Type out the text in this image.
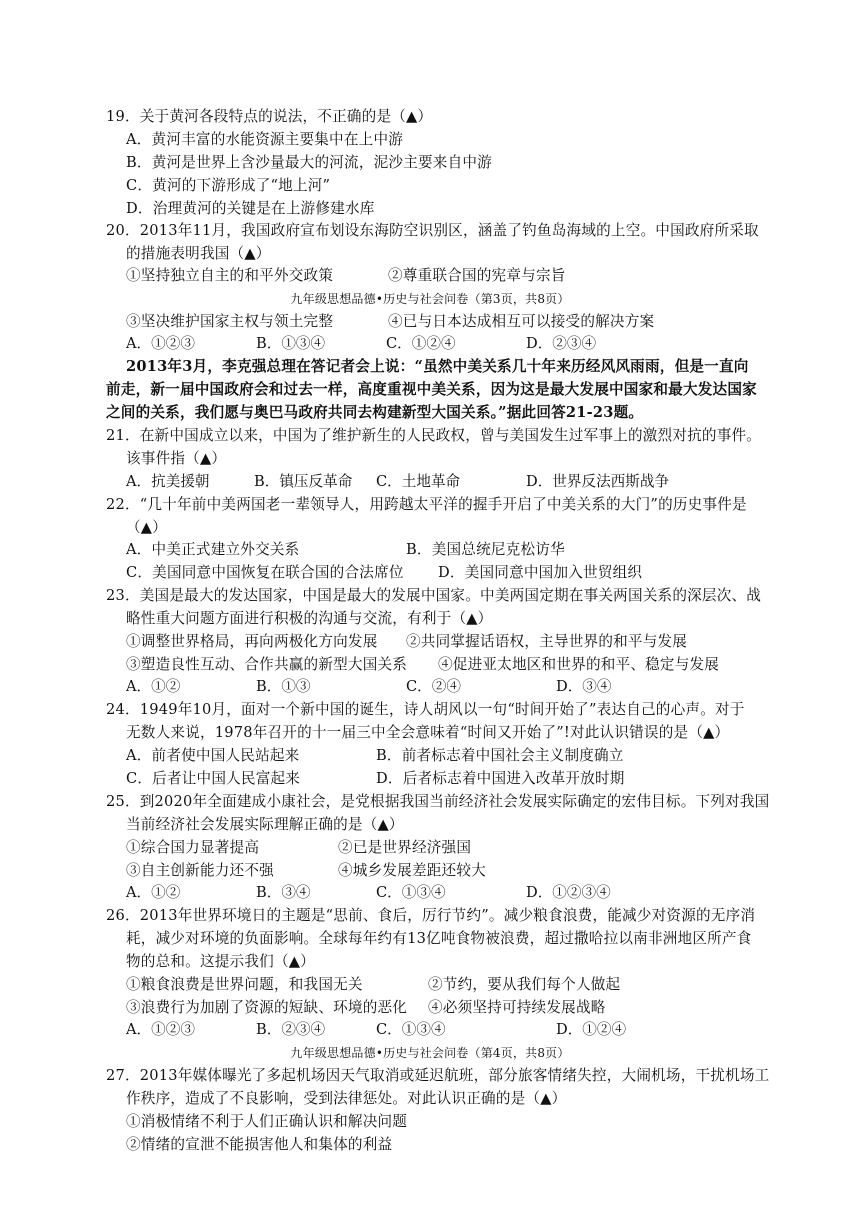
19．关于黄河各段特点的说法，不正确的是（▲）
A．黄河丰富的水能资源主要集中在上中游
B．黄河是世界上含沙量最大的河流，泥沙主要来自中游
C．黄河的下游形成了“地上河”
D．治理黄河的关键是在上游修建水库
20．2013年11月，我国政府宣布划设东海防空识别区，涵盖了钓鱼岛海域的上空。中国政府所采取
的措施表明我国（▲）
①坚持独立自主的和平外交政策	②尊重联合国的宪章与宗旨
九年级思想品德•历史与社会问卷（第3页，共8页）
③坚决维护国家主权与领土完整	④已与日本达成相互可以接受的解决方案
A．①②③	B．①③④	C．①②④	D．②③④
2013年3月，李克强总理在答记者会上说：“虽然中美关系几十年来历经风风雨雨，但是一直向
前走，新一届中国政府会和过去一样，高度重视中美关系，因为这是最大发展中国家和最大发达国家
之间的关系，我们愿与奥巴马政府共同去构建新型大国关系。”据此回答21-23题。
21．在新中国成立以来，中国为了维护新生的人民政权，曾与美国发生过军事上的激烈对抗的事件。
该事件指（▲）
A．抗美援朝	B．镇压反革命 C．土地革命	D．世界反法西斯战争
22．“几十年前中美两国老一辈领导人，用跨越太平洋的握手开启了中美关系的大门”的历史事件是
（▲）
A．中美正式建立外交关系	B．美国总统尼克松访华
C．美国同意中国恢复在联合国的合法席位 D．美国同意中国加入世贸组织
23．美国是最大的发达国家，中国是最大的发展中国家。中美两国定期在事关两国关系的深层次、战
略性重大问题方面进行积极的沟通与交流，有利于（▲）
①调整世界格局，再向两极化方向发展 ②共同掌握话语权，主导世界的和平与发展
③塑造良性互动、合作共赢的新型大国关系 ④促进亚太地区和世界的和平、稳定与发展
A．①②	B．①③	C．②④	D．③④
24．1949年10月，面对一个新中国的诞生，诗人胡风以一句“时间开始了”表达自己的心声。对于
无数人来说，1978年召开的十一届三中全会意味着“时间又开始了”!对此认识错误的是（▲）
A．前者使中国人民站起来	B．前者标志着中国社会主义制度确立
C．后者让中国人民富起来	D．后者标志着中国进入改革开放时期
25．到2020年全面建成小康社会，是党根据我国当前经济社会发展实际确定的宏伟目标。下列对我国
当前经济社会发展实际理解正确的是（▲）
①综合国力显著提高	②已是世界经济强国
③自主创新能力还不强	④城乡发展差距还较大
A．①②	B．③④	C．①③④	D．①②③④
26．2013年世界环境日的主题是“思前、食后，厉行节约”。减少粮食浪费，能减少对资源的无序消
耗，减少对环境的负面影响。全球每年约有13亿吨食物被浪费，超过撒哈拉以南非洲地区所产食
物的总和。这提示我们（▲）
①粮食浪费是世界问题，和我国无关	②节约，要从我们每个人做起
③浪费行为加剧了资源的短缺、环境的恶化 ④必须坚持可持续发展战略
A．①②③	B．②③④	C．①③④	D．①②④
九年级思想品德•历史与社会问卷（第4页，共8页）
27．2013年媒体曝光了多起机场因天气取消或延迟航班，部分旅客情绪失控，大闹机场，干扰机场工
作秩序，造成了不良影响，受到法律惩处。对此认识正确的是（▲）
①消极情绪不利于人们正确认识和解决问题
②情绪的宣泄不能损害他人和集体的利益
